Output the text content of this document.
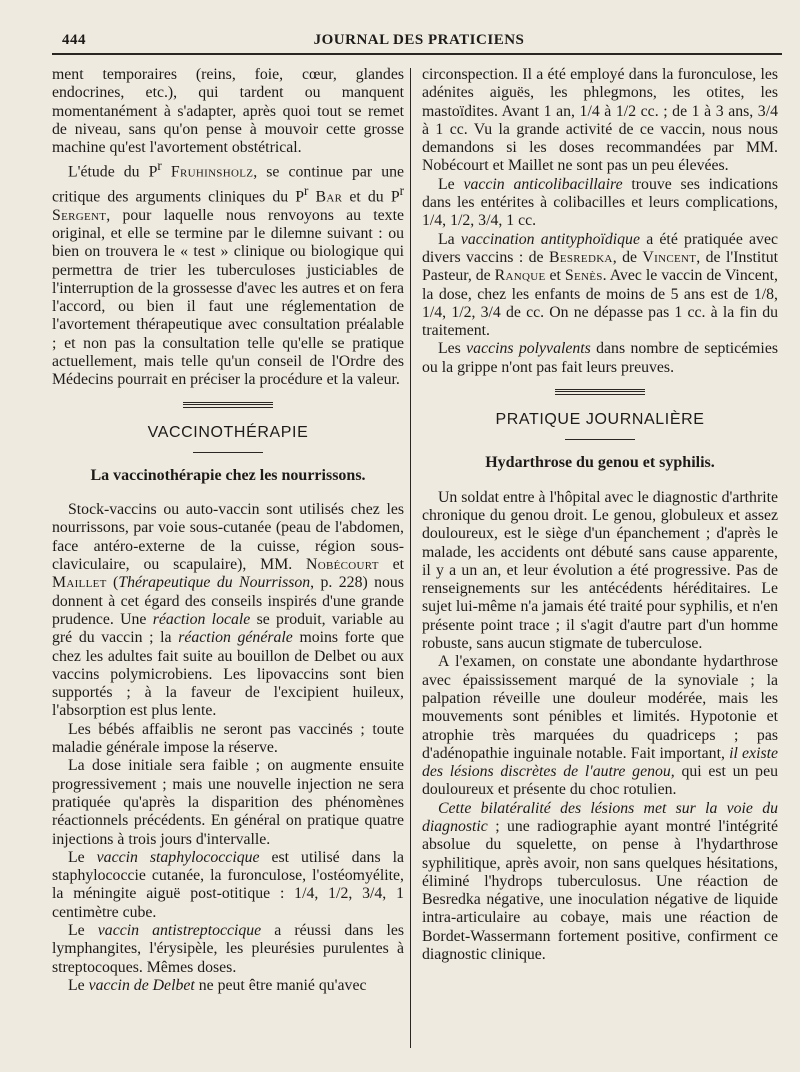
444	JOURNAL DES PRATICIENS

ment temporaires (reins, foie, cœur, glandes endocrines, etc.), qui tardent ou manquent momentanément à s'adapter, après quoi tout se remet de niveau, sans qu'on pense à mouvoir cette grosse machine qu'est l'avortement obstétrical.

L'étude du $P^r$ Fruhinsholz, se continue par une critique des arguments cliniques du $P^r$ Bar et du $P^r$ Sergent, pour laquelle nous renvoyons au texte original, et elle se termine par le dilemne suivant : ou bien on trouvera le « test » clinique ou biologique qui permettra de trier les tuberculoses justiciables de l'interruption de la grossesse d'avec les autres et on fera l'accord, ou bien il faut une réglementation de l'avortement thérapeutique avec consultation préalable ; et non pas la consultation telle qu'elle se pratique actuellement, mais telle qu'un conseil de l'Ordre des Médecins pourrait en préciser la procédure et la valeur.

VACCINOTHÉRAPIE
La vaccinothérapie chez les nourrissons.

Stock-vaccins ou auto-vaccin sont utilisés chez les nourrissons, par voie sous-cutanée (peau de l'abdomen, face antéro-externe de la cuisse, région sous-claviculaire, ou scapulaire), MM. Nobécourt et Maillet (Thérapeutique du Nourrisson, p. 228) nous donnent à cet égard des conseils inspirés d'une grande prudence. Une réaction locale se produit, variable au gré du vaccin ; la réaction générale moins forte que chez les adultes fait suite au bouillon de Delbet ou aux vaccins polymicrobiens. Les lipovaccins sont bien supportés ; à la faveur de l'excipient huileux, l'absorption est plus lente.

Les bébés affaiblis ne seront pas vaccinés ; toute maladie générale impose la réserve.

La dose initiale sera faible ; on augmente ensuite progressivement ; mais une nouvelle injection ne sera pratiquée qu'après la disparition des phénomènes réactionnels précédents. En général on pratique quatre injections à trois jours d'intervalle.

Le vaccin staphylococcique est utilisé dans la staphylococcie cutanée, la furonculose, l'ostéomyélite, la méningite aiguë post-otitique : 1/4, 1/2, 3/4, 1 centimètre cube.

Le vaccin antistreptoccique a réussi dans les lymphangites, l'érysipèle, les pleurésies purulentes à streptocoques. Mêmes doses.

Le vaccin de Delbet ne peut être manié qu'avec

circonspection. Il a été employé dans la furonculose, les adénites aiguës, les phlegmons, les otites, les mastoïdites. Avant 1 an, 1/4 à 1/2 cc. ; de 1 à 3 ans, 3/4 à 1 cc. Vu la grande activité de ce vaccin, nous nous demandons si les doses recommandées par MM. Nobécourt et Maillet ne sont pas un peu élevées.

Le vaccin anticolibacillaire trouve ses indications dans les entérites à colibacilles et leurs complications, 1/4, 1/2, 3/4, 1 cc.

La vaccination antityphoïdique a été pratiquée avec divers vaccins : de Besredka, de Vincent, de l'Institut Pasteur, de Ranque et Senès. Avec le vaccin de Vincent, la dose, chez les enfants de moins de 5 ans est de 1/8, 1/4, 1/2, 3/4 de cc. On ne dépasse pas 1 cc. à la fin du traitement.

Les vaccins polyvalents dans nombre de septicémies ou la grippe n'ont pas fait leurs preuves.

PRATIQUE JOURNALIÈRE
Hydarthrose du genou et syphilis.

Un soldat entre à l'hôpital avec le diagnostic d'arthrite chronique du genou droit. Le genou, globuleux et assez douloureux, est le siège d'un épanchement ; d'après le malade, les accidents ont débuté sans cause apparente, il y a un an, et leur évolution a été progressive. Pas de renseignements sur les antécédents héréditaires. Le sujet lui-même n'a jamais été traité pour syphilis, et n'en présente point trace ; il s'agit d'autre part d'un homme robuste, sans aucun stigmate de tuberculose.

A l'examen, on constate une abondante hydarthrose avec épaississement marqué de la synoviale ; la palpation réveille une douleur modérée, mais les mouvements sont pénibles et limités. Hypotonie et atrophie très marquées du quadriceps ; pas d'adénopathie inguinale notable. Fait important, il existe des lésions discrètes de l'autre genou, qui est un peu douloureux et présente du choc rotulien.

Cette bilatéralité des lésions met sur la voie du diagnostic ; une radiographie ayant montré l'intégrité absolue du squelette, on pense à l'hydarthrose syphilitique, après avoir, non sans quelques hésitations, éliminé l'hydrops tuberculosus. Une réaction de Besredka négative, une inoculation négative de liquide intra-articulaire au cobaye, mais une réaction de Bordet-Wassermann fortement positive, confirment ce diagnostic clinique.
